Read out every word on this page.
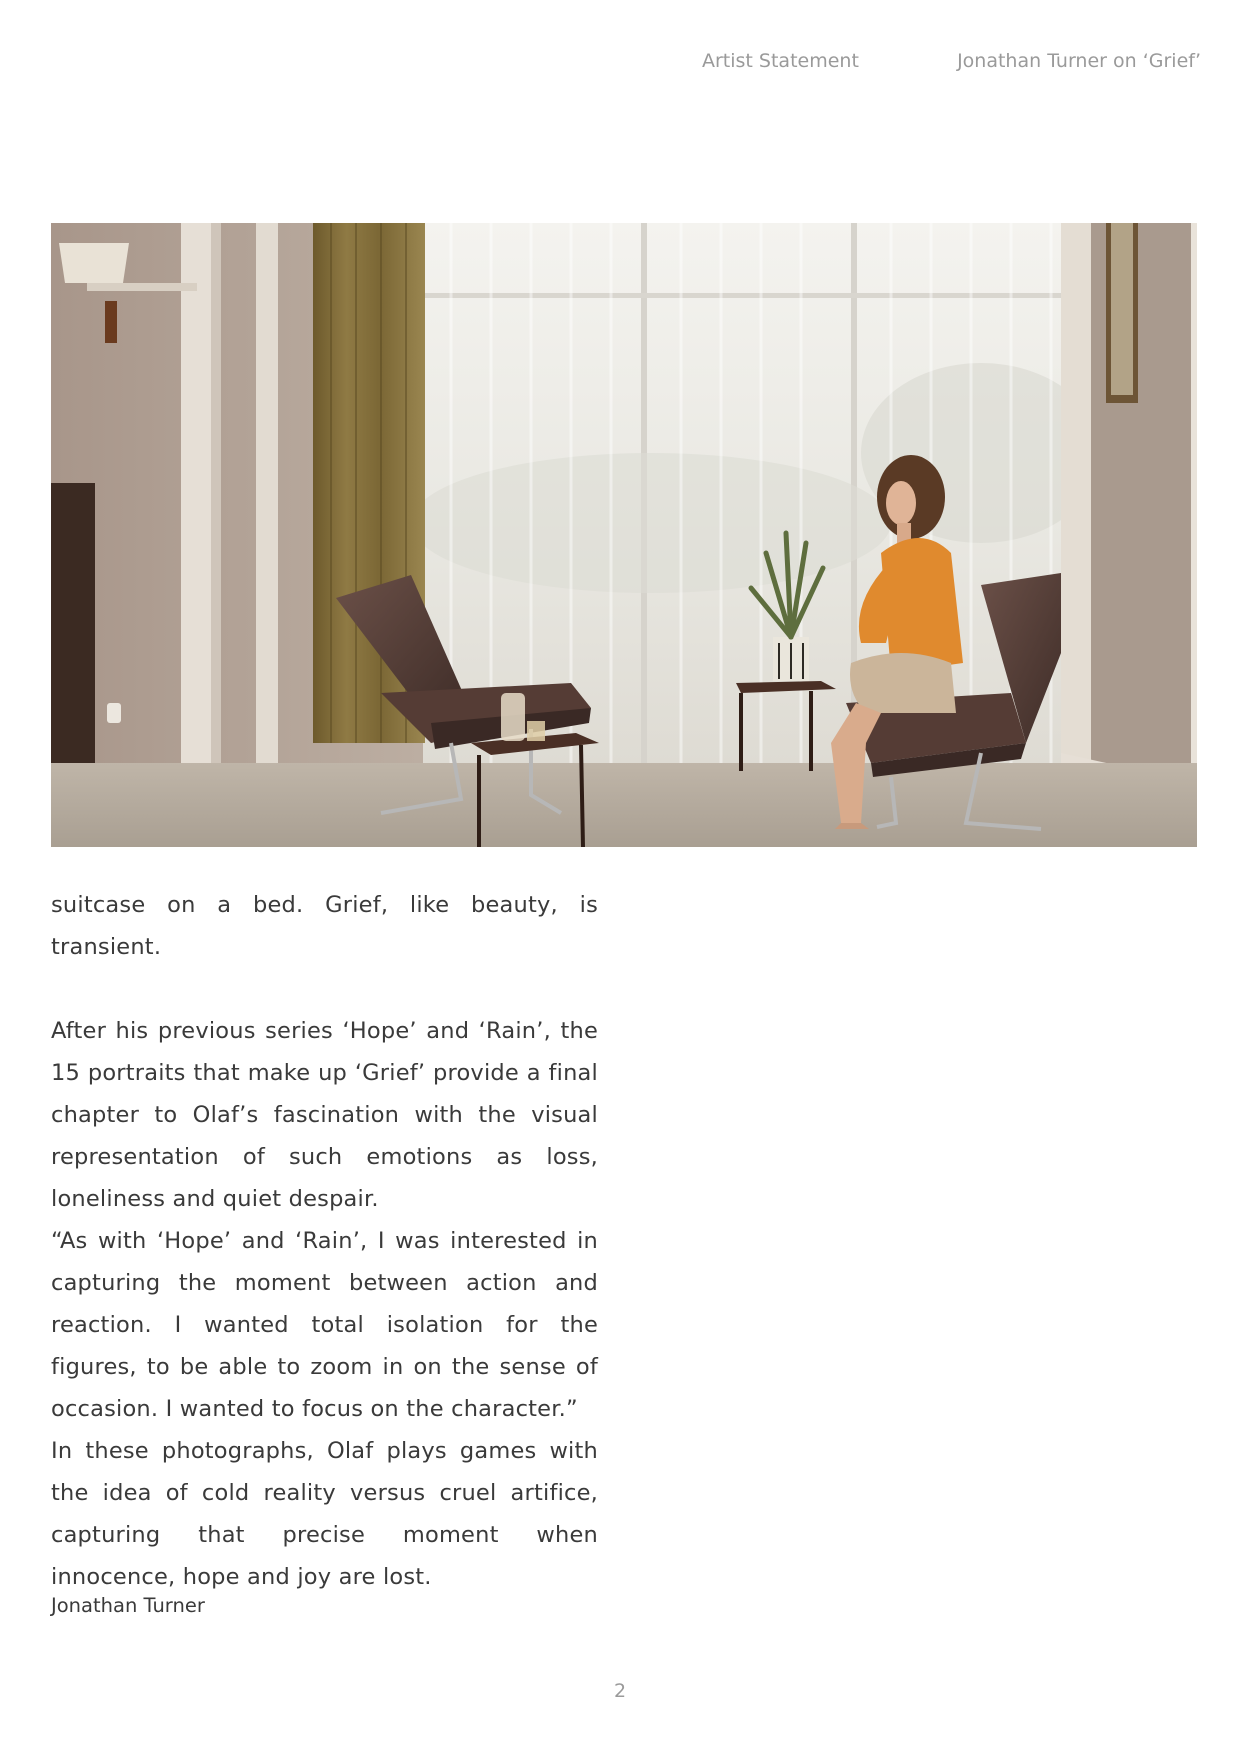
Artist Statement	Jonathan Turner on ‘Grief’

suitcase on a bed. Grief, like beauty, is transient.

After his previous series ‘Hope’ and ‘Rain’, the 15 portraits that make up ‘Grief’ provide a final chapter to Olaf’s fascination with the visual representation of such emotions as loss, loneliness and quiet despair.

“As with ‘Hope’ and ‘Rain’, I was interested in capturing the moment between action and reaction. I wanted total isolation for the figures, to be able to zoom in on the sense of occasion. I wanted to focus on the character.”

In these photographs, Olaf plays games with the idea of cold reality versus cruel artifice, capturing that precise moment when innocence, hope and joy are lost.

Jonathan Turner
2
